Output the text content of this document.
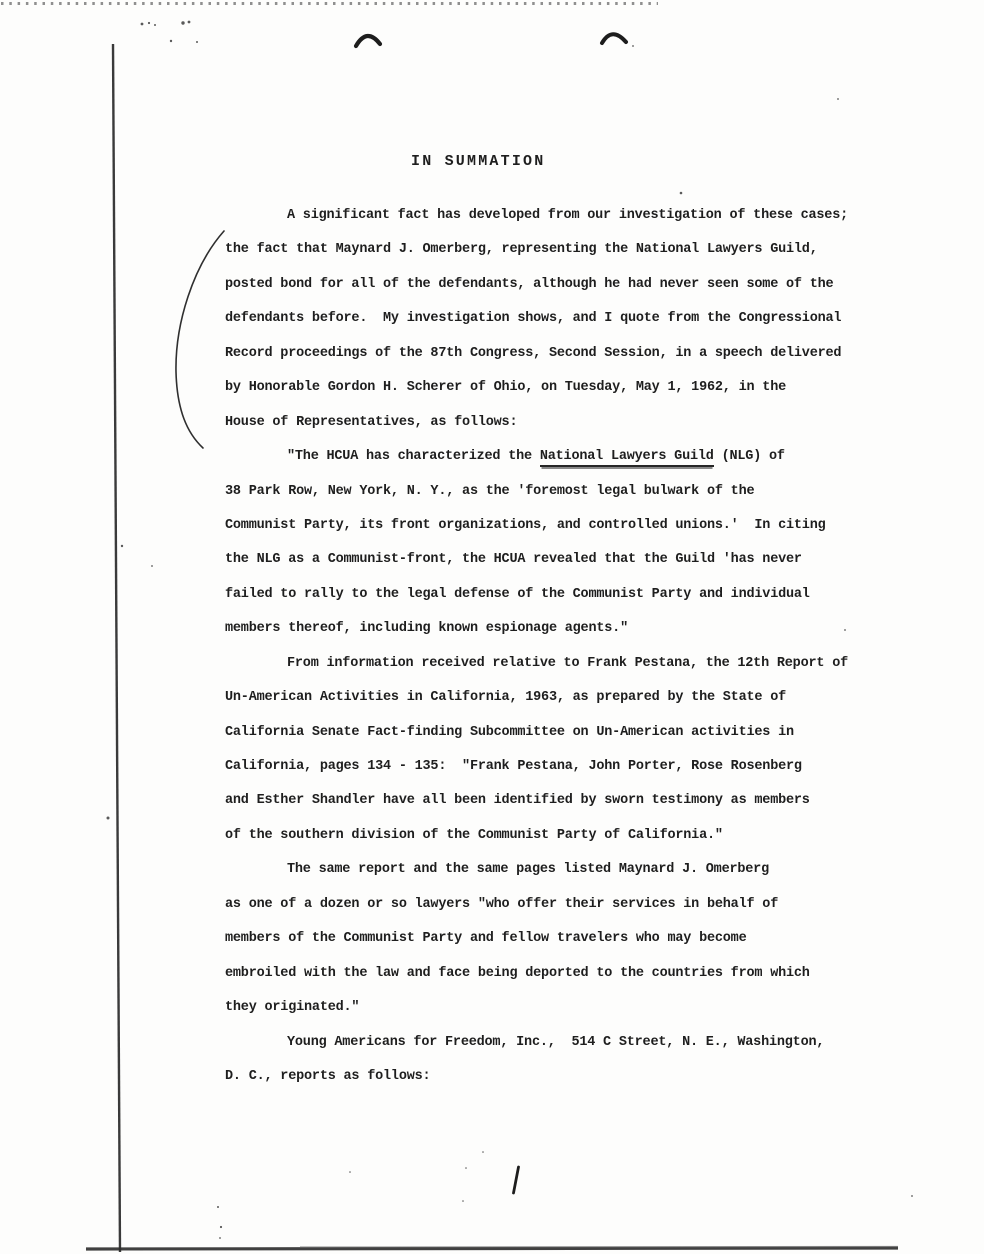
IN SUMMATION
A significant fact has developed from our investigation of these cases;
the fact that Maynard J. Omerberg, representing the National Lawyers Guild,
posted bond for all of the defendants, although he had never seen some of the
defendants before.  My investigation shows, and I quote from the Congressional
Record proceedings of the 87th Congress, Second Session, in a speech delivered
by Honorable Gordon H. Scherer of Ohio, on Tuesday, May 1, 1962, in the
House of Representatives, as follows:
"The HCUA has characterized the National Lawyers Guild (NLG) of
38 Park Row, New York, N. Y., as the 'foremost legal bulwark of the
Communist Party, its front organizations, and controlled unions.'  In citing
the NLG as a Communist-front, the HCUA revealed that the Guild 'has never
failed to rally to the legal defense of the Communist Party and individual
members thereof, including known espionage agents."
From information received relative to Frank Pestana, the 12th Report of
Un-American Activities in California, 1963, as prepared by the State of
California Senate Fact-finding Subcommittee on Un-American activities in
California, pages 134 - 135:  "Frank Pestana, John Porter, Rose Rosenberg
and Esther Shandler have all been identified by sworn testimony as members
of the southern division of the Communist Party of California."
The same report and the same pages listed Maynard J. Omerberg
as one of a dozen or so lawyers "who offer their services in behalf of
members of the Communist Party and fellow travelers who may become
embroiled with the law and face being deported to the countries from which
they originated."
Young Americans for Freedom, Inc.,  514 C Street, N. E., Washington,
D. C., reports as follows:
